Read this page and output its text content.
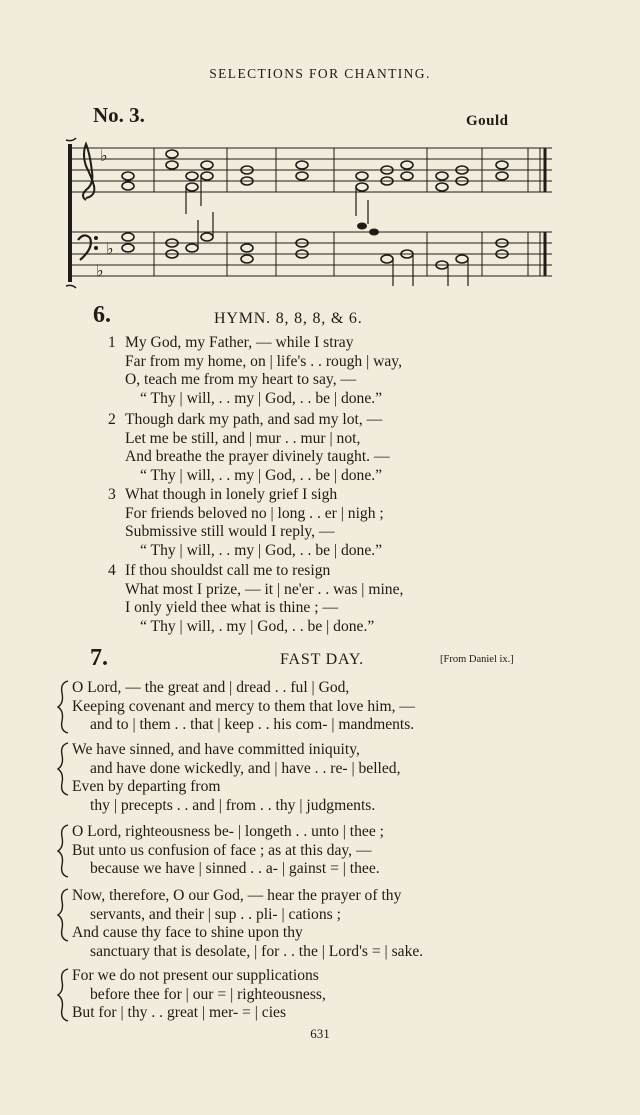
SELECTIONS FOR CHANTING.
No. 3.	Gould
♭
♭
♭
6.	HYMN. 8, 8, 8, & 6.
1 My God, my Father, — while I stray
Far from my home, on | life's . . rough | way,
O, teach me from my heart to say, —
“ Thy | will, . . my | God, . . be | done.”
2 Though dark my path, and sad my lot, —
Let me be still, and | mur . . mur | not,
And breathe the prayer divinely taught. —
“ Thy | will, . . my | God, . . be | done.”
3 What though in lonely grief I sigh
For friends beloved no | long . . er | nigh ;
Submissive still would I reply, —
“ Thy | will, . . my | God, . . be | done.”
4 If thou shouldst call me to resign
What most I prize, — it | ne'er . . was | mine,
I only yield thee what is thine ; —
“ Thy | will, . my | God, . . be | done.”
7.	FAST DAY.	[From Daniel ix.]
O Lord, — the great and | dread . . ful | God,
Keeping covenant and mercy to them that love him, —
and to | them . . that | keep . . his com- | mandments.
We have sinned, and have committed iniquity,
and have done wickedly, and | have . . re- | belled,
Even by departing from
thy | precepts . . and | from . . thy | judgments.
O Lord, righteousness be- | longeth . . unto | thee ;
But unto us confusion of face ; as at this day, —
because we have | sinned . . a- | gainst = | thee.
Now, therefore, O our God, — hear the prayer of thy
servants, and their | sup . . pli- | cations ;
And cause thy face to shine upon thy
sanctuary that is desolate, | for . . the | Lord's = | sake.
For we do not present our supplications
before thee for | our = | righteousness,
But for | thy . . great | mer- = | cies
631
